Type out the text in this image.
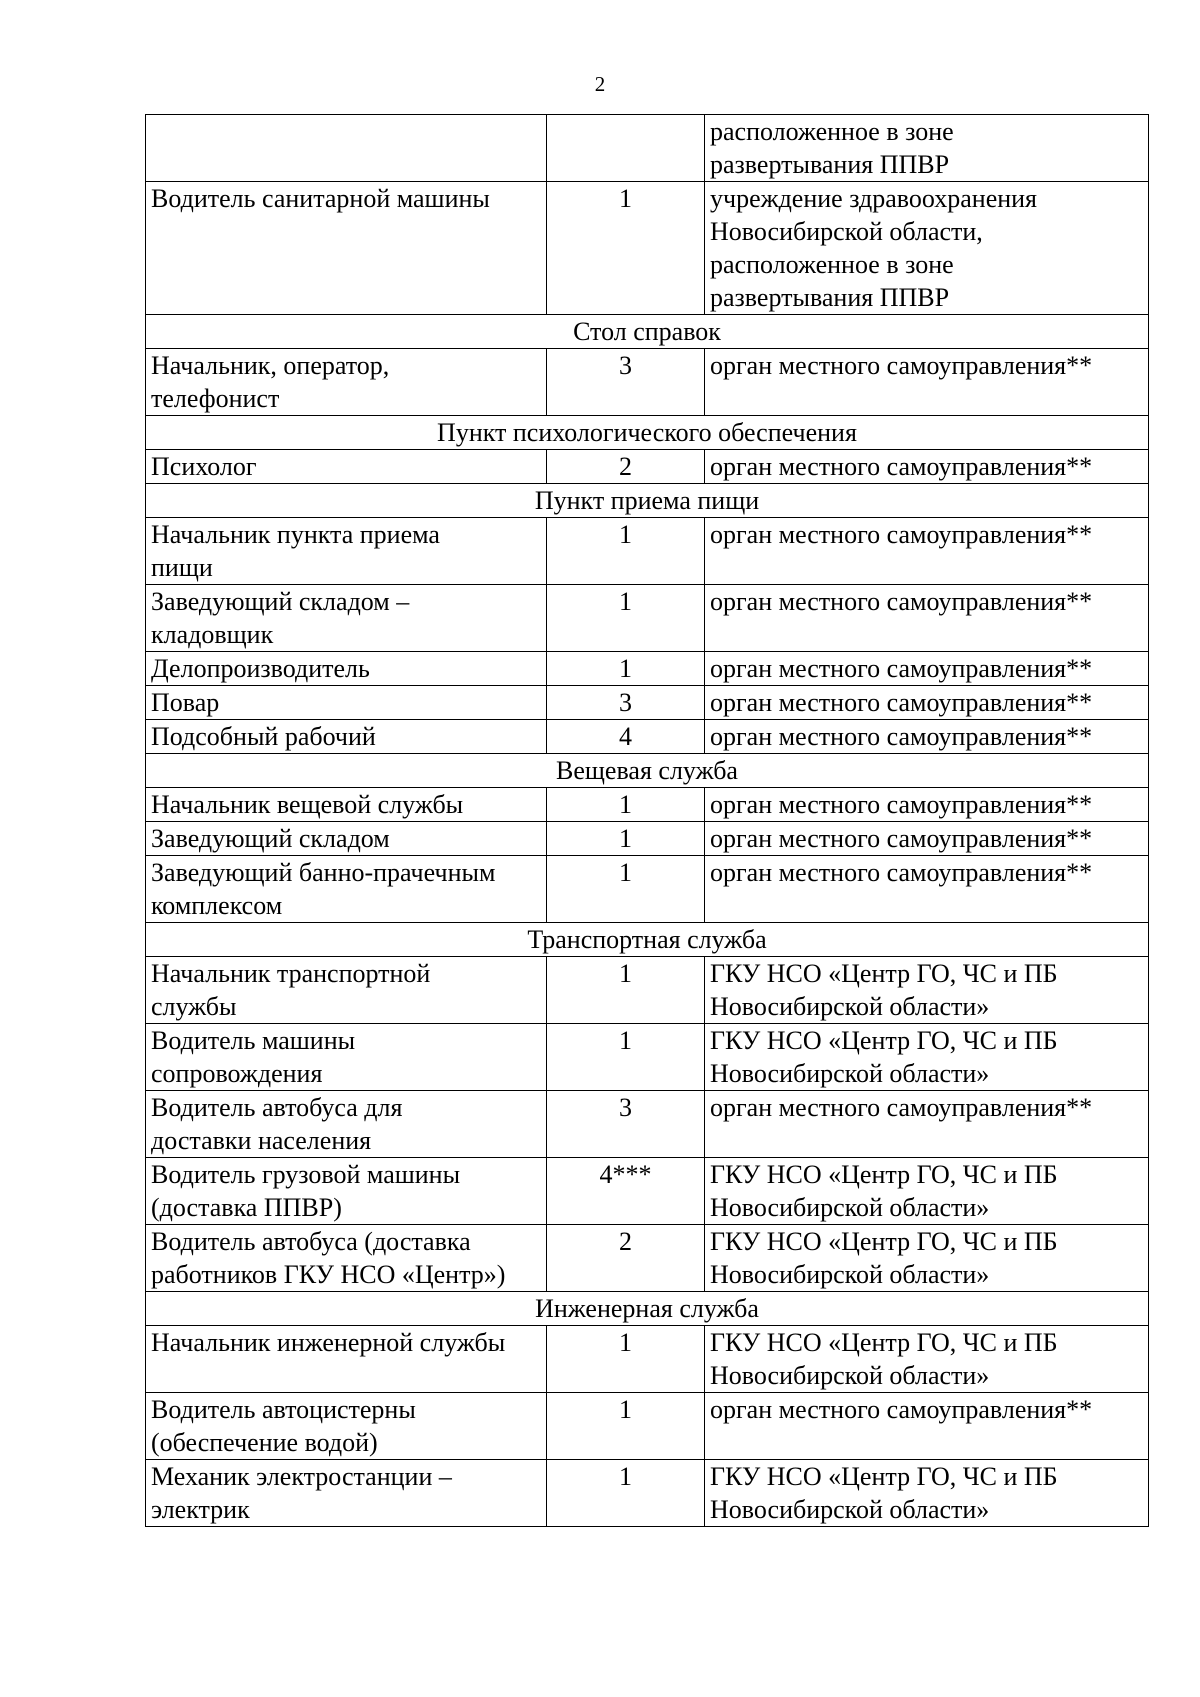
2
		расположенное в зоне
развертывания ППВР
Водитель санитарной машины	1	учреждение здравоохранения
Новосибирской области,
расположенное в зоне
развертывания ППВР
Стол справок		
Начальник, оператор,
телефонист	3	орган местного самоуправления**
Пункт психологического обеспечения		
Психолог	2	орган местного самоуправления**
Пункт приема пищи		
Начальник пункта приема
пищи	1	орган местного самоуправления**
Заведующий складом –
кладовщик	1	орган местного самоуправления**
Делопроизводитель	1	орган местного самоуправления**
Повар	3	орган местного самоуправления**
Подсобный рабочий	4	орган местного самоуправления**
Вещевая служба		
Начальник вещевой службы	1	орган местного самоуправления**
Заведующий складом	1	орган местного самоуправления**
Заведующий банно-прачечным
комплексом	1	орган местного самоуправления**
Транспортная служба		
Начальник транспортной
службы	1	ГКУ НСО «Центр ГО, ЧС и ПБ
Новосибирской области»
Водитель машины
сопровождения	1	ГКУ НСО «Центр ГО, ЧС и ПБ
Новосибирской области»
Водитель автобуса для
доставки населения	3	орган местного самоуправления**
Водитель грузовой машины
(доставка ППВР)	4***	ГКУ НСО «Центр ГО, ЧС и ПБ
Новосибирской области»
Водитель автобуса (доставка
работников ГКУ НСО «Центр»)	2	ГКУ НСО «Центр ГО, ЧС и ПБ
Новосибирской области»
Инженерная служба		
Начальник инженерной службы	1	ГКУ НСО «Центр ГО, ЧС и ПБ
Новосибирской области»
Водитель автоцистерны
(обеспечение водой)	1	орган местного самоуправления**
Механик электростанции –
электрик	1	ГКУ НСО «Центр ГО, ЧС и ПБ
Новосибирской области»
